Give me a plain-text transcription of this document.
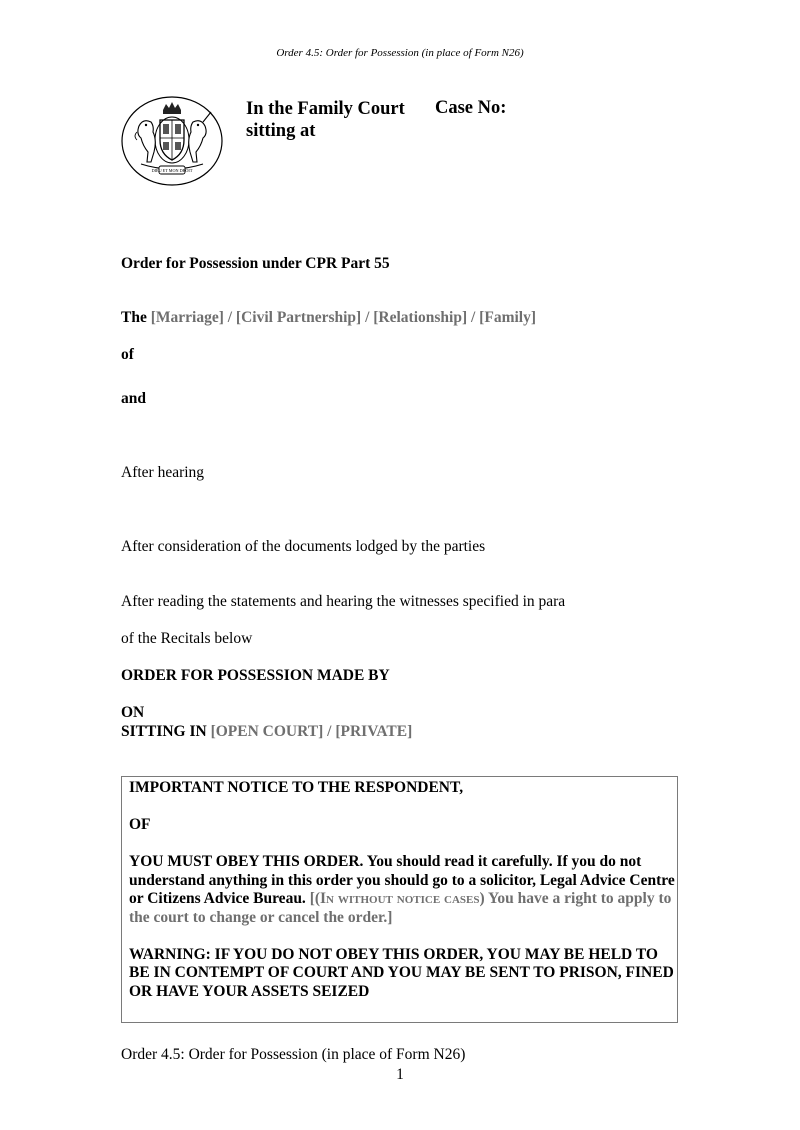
Order 4.5: Order for Possession (in place of Form N26)
DIEU ET MON DROIT
In the Family Court
sitting at
Case No:
Order for Possession under CPR Part 55
The [Marriage] / [Civil Partnership] / [Relationship] / [Family]
of
and
After hearing
After consideration of the documents lodged by the parties
After reading the statements and hearing the witnesses specified in para
of the Recitals below
ORDER FOR POSSESSION MADE BY
ON
SITTING IN [OPEN COURT] / [PRIVATE]

IMPORTANT NOTICE TO THE RESPONDENT,

OF

YOU MUST OBEY THIS ORDER. You should read it carefully. If you do not understand anything in this order you should go to a solicitor, Legal Advice Centre or Citizens Advice Bureau. [(In without notice cases) You have a right to apply to the court to change or cancel the order.]

WARNING: IF YOU DO NOT OBEY THIS ORDER, YOU MAY BE HELD TO BE IN CONTEMPT OF COURT AND YOU MAY BE SENT TO PRISON, FINED OR HAVE YOUR ASSETS SEIZED

Order 4.5: Order for Possession (in place of Form N26)
1
